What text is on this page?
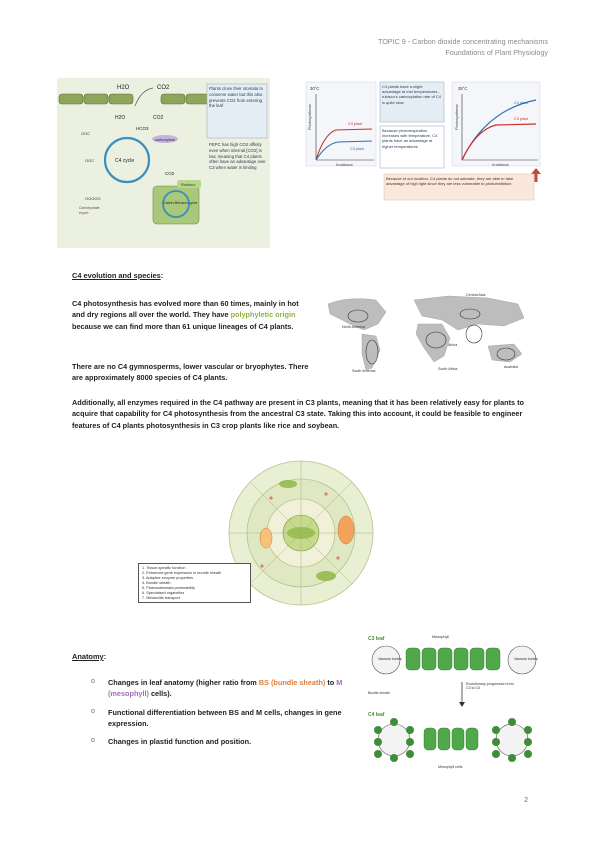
TOPIC 9 - Carbon dioxide concentrating mechanisms
Foundations of Plant Physiology
H2O	CO2
H2O	CO2
HCO3
C4 cycle
carboxylase
OOC
OOC
OOOOO
Carbohydrate
export
Calvin-Benson cycle
Rubisco
CO2
Plants close their stomata to conserve water but this also prevents CO2 from entering the leaf
PEPC has high CO2 affinity even when internal [CO2] is low, meaning that C4 plants often have an advantage over C3 when water is limiting
30°C
C4 plant
C3 plant
Irradiance
Photosynthesis
C4 plants have a slight advantage at mid temperatures - rubisco's carboxylation rate of C4 is quite slow
Because photorespiration increases with temperature, C4 plants have an advantage at higher temperatures
35°C
C4 plant
C3 plant
Irradiance
Photosynthesis
Because of our location, C4 plants do not saturate, they are able to take advantage of high light since they are less vulnerable to photoinhibition
C4 evolution and species:
C4 photosynthesis has evolved more than 60 times, mainly in hot and dry regions all over the world. They have polyphyletic origin because we can find more than 61 unique lineages of C4 plants.
There are no C4 gymnosperms, lower vascular or bryophytes. There are approximately 8000 species of C4 plants.
Additionally, all enzymes required in the C4 pathway are present in C3 plants, meaning that it has been relatively easy for plants to acquire that capability for C4 photosynthesis from the ancestral C3 state. Taking this into account, it could be feasible to engineer features of C4 plants photosynthesis in C3 crop plants like rice and soybean.
Central Asia
North America
Africa
South America	South Africa	Australia
1. Tissue-specific function
2. Enhanced gene expression in bundle sheath
3. Adaptive enzyme properties
4. Bundle sheath
5. Plasmodesmata permeability
6. Specialised organelles
7. Metabolite transport
Anatomy:
o Changes in leaf anatomy (higher ratio from BS (bundle sheath) to M (mesophyll) cells).
o Functional differentiation between BS and M cells, changes in gene expression.
o Changes in plastid function and position.
C3 leaf	Mesophyll
Vascular bundle	Vascular bundle
Bundle sheath
Evolutionary progression from C3 to C4
C4 leaf
Mesophyll cells
2
